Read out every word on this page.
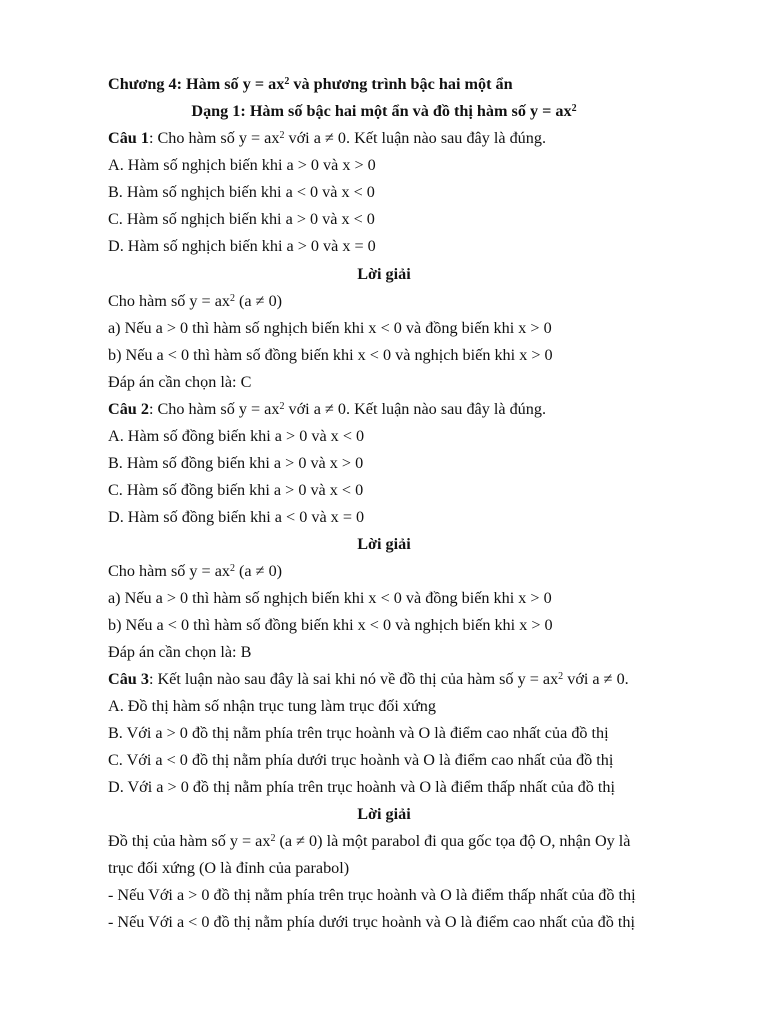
Chương 4: Hàm số $y = ax^2$ và phương trình bậc hai một ẩn
Dạng 1: Hàm số bậc hai một ẩn và đồ thị hàm số $y = ax^2$
Câu 1: Cho hàm số $y = ax^2$ với a ≠ 0. Kết luận nào sau đây là đúng.
A. Hàm số nghịch biến khi a > 0 và x > 0
B. Hàm số nghịch biến khi a < 0 và x < 0
C. Hàm số nghịch biến khi a > 0 và x < 0
D. Hàm số nghịch biến khi a > 0 và x = 0
Lời giải
Cho hàm số $y = ax^2$ (a ≠ 0)
a) Nếu a > 0 thì hàm số nghịch biến khi x < 0 và đồng biến khi x > 0
b) Nếu a < 0 thì hàm số đồng biến khi x < 0 và nghịch biến khi x > 0
Đáp án cần chọn là: C
Câu 2: Cho hàm số $y = ax^2$ với a ≠ 0. Kết luận nào sau đây là đúng.
A. Hàm số đồng biến khi a > 0 và x < 0
B. Hàm số đồng biến khi a > 0 và x > 0
C. Hàm số đồng biến khi a > 0 và x < 0
D. Hàm số đồng biến khi a < 0 và x = 0
Lời giải
Cho hàm số $y = ax^2$ (a ≠ 0)
a) Nếu a > 0 thì hàm số nghịch biến khi x < 0 và đồng biến khi x > 0
b) Nếu a < 0 thì hàm số đồng biến khi x < 0 và nghịch biến khi x > 0
Đáp án cần chọn là: B
Câu 3: Kết luận nào sau đây là sai khi nó về đồ thị của hàm số $y = ax^2$ với a ≠ 0.
A. Đồ thị hàm số nhận trục tung làm trục đối xứng
B. Với a > 0 đồ thị nằm phía trên trục hoành và O là điểm cao nhất của đồ thị
C. Với a < 0 đồ thị nằm phía dưới trục hoành và O là điểm cao nhất của đồ thị
D. Với a > 0 đồ thị nằm phía trên trục hoành và O là điểm thấp nhất của đồ thị
Lời giải
Đồ thị của hàm số $y = ax^2$ (a ≠ 0) là một parabol đi qua gốc tọa độ O, nhận Oy là
trục đối xứng (O là đỉnh của parabol)
- Nếu Với a > 0 đồ thị nằm phía trên trục hoành và O là điểm thấp nhất của đồ thị
- Nếu Với a < 0 đồ thị nằm phía dưới trục hoành và O là điểm cao nhất của đồ thị
